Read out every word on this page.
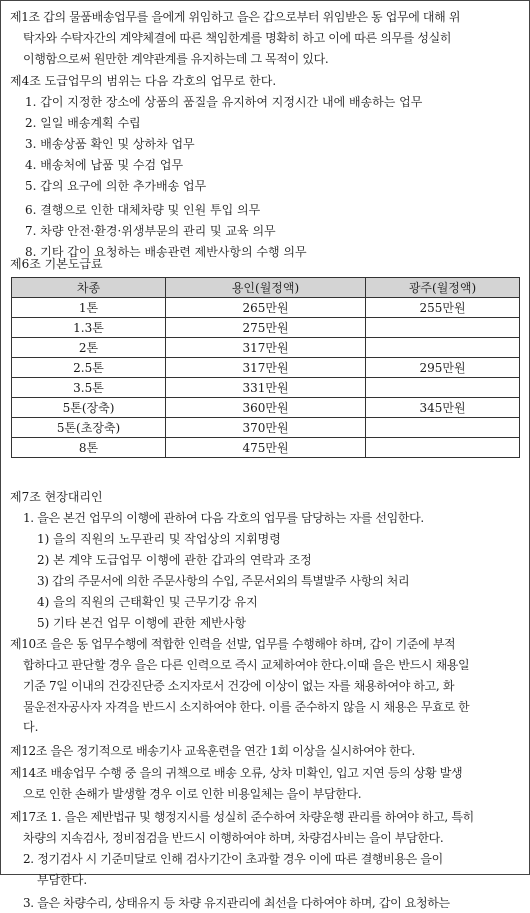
제1조 갑의 물품배송업무를 을에게 위임하고 을은 갑으로부터 위임받은 동 업무에 대해 위

탁자와 수탁자간의 계약체결에 따른 책임한계를 명확히 하고 이에 따른 의무를 성실히

이행함으로써 원만한 계약관계를 유지하는데 그 목적이 있다.

제4조 도급업무의 범위는 다음 각호의 업무로 한다.

1. 갑이 지정한 장소에 상품의 품질을 유지하여 지정시간 내에 배송하는 업무

2. 일일 배송계획 수립

3. 배송상품 확인 및 상하차 업무

4. 배송처에 납품 및 수검 업무

5. 갑의 요구에 의한 추가배송 업무

6. 결행으로 인한 대체차량 및 인원 투입 의무

7. 차량 안전·환경·위생부문의 관리 및 교육 의무

8. 기타 갑이 요청하는 배송관련 제반사항의 수행 의무

제6조 기본도급료

차종	용인(월정액)	광주(월정액)
1톤	265만원	255만원
1.3톤	275만원	
2톤	317만원	
2.5톤	317만원	295만원
3.5톤	331만원	
5톤(장축)	360만원	345만원
5톤(초장축)	370만원	
8톤	475만원	

제7조 현장대리인

1. 을은 본건 업무의 이행에 관하여 다음 각호의 업무를 담당하는 자를 선임한다.

1) 을의 직원의 노무관리 및 작업상의 지휘명령

2) 본 계약 도급업무 이행에 관한 갑과의 연락과 조정

3) 갑의 주문서에 의한 주문사항의 수입, 주문서외의 특별발주 사항의 처리

4) 을의 직원의 근태확인 및 근무기강 유지

5) 기타 본건 업무 이행에 관한 제반사항

제10조 을은 동 업무수행에 적합한 인력을 선발, 업무를 수행해야 하며, 갑이 기준에 부적

합하다고 판단할 경우 을은 다른 인력으로 즉시 교체하여야 한다.이때 을은 반드시 채용일

기준 7일 이내의 건강진단증 소지자로서 건강에 이상이 없는 자를 채용하여야 하고, 화

물운전자공사자 자격을 반드시 소지하여야 한다. 이를 준수하지 않을 시 채용은 무효로 한

다.

제12조 을은 정기적으로 배송기사 교육훈련을 연간 1회 이상을 실시하여야 한다.

제14조 배송업무 수행 중 을의 귀책으로 배송 오류, 상차 미확인, 입고 지연 등의 상황 발생

으로 인한 손해가 발생할 경우 이로 인한 비용일체는 을이 부담한다.

제17조 1. 을은 제반법규 및 행정지시를 성실히 준수하여 차량운행 관리를 하여야 하고, 특히

차량의 지속검사, 정비점검을 반드시 이행하여야 하며, 차량검사비는 을이 부담한다.

2. 정기검사 시 기준미달로 인해 검사기간이 초과할 경우 이에 따른 결행비용은 을이

부담한다.

3. 을은 차량수리, 상태유지 등 차량 유지관리에 최선을 다하여야 하며, 갑이 요청하는
